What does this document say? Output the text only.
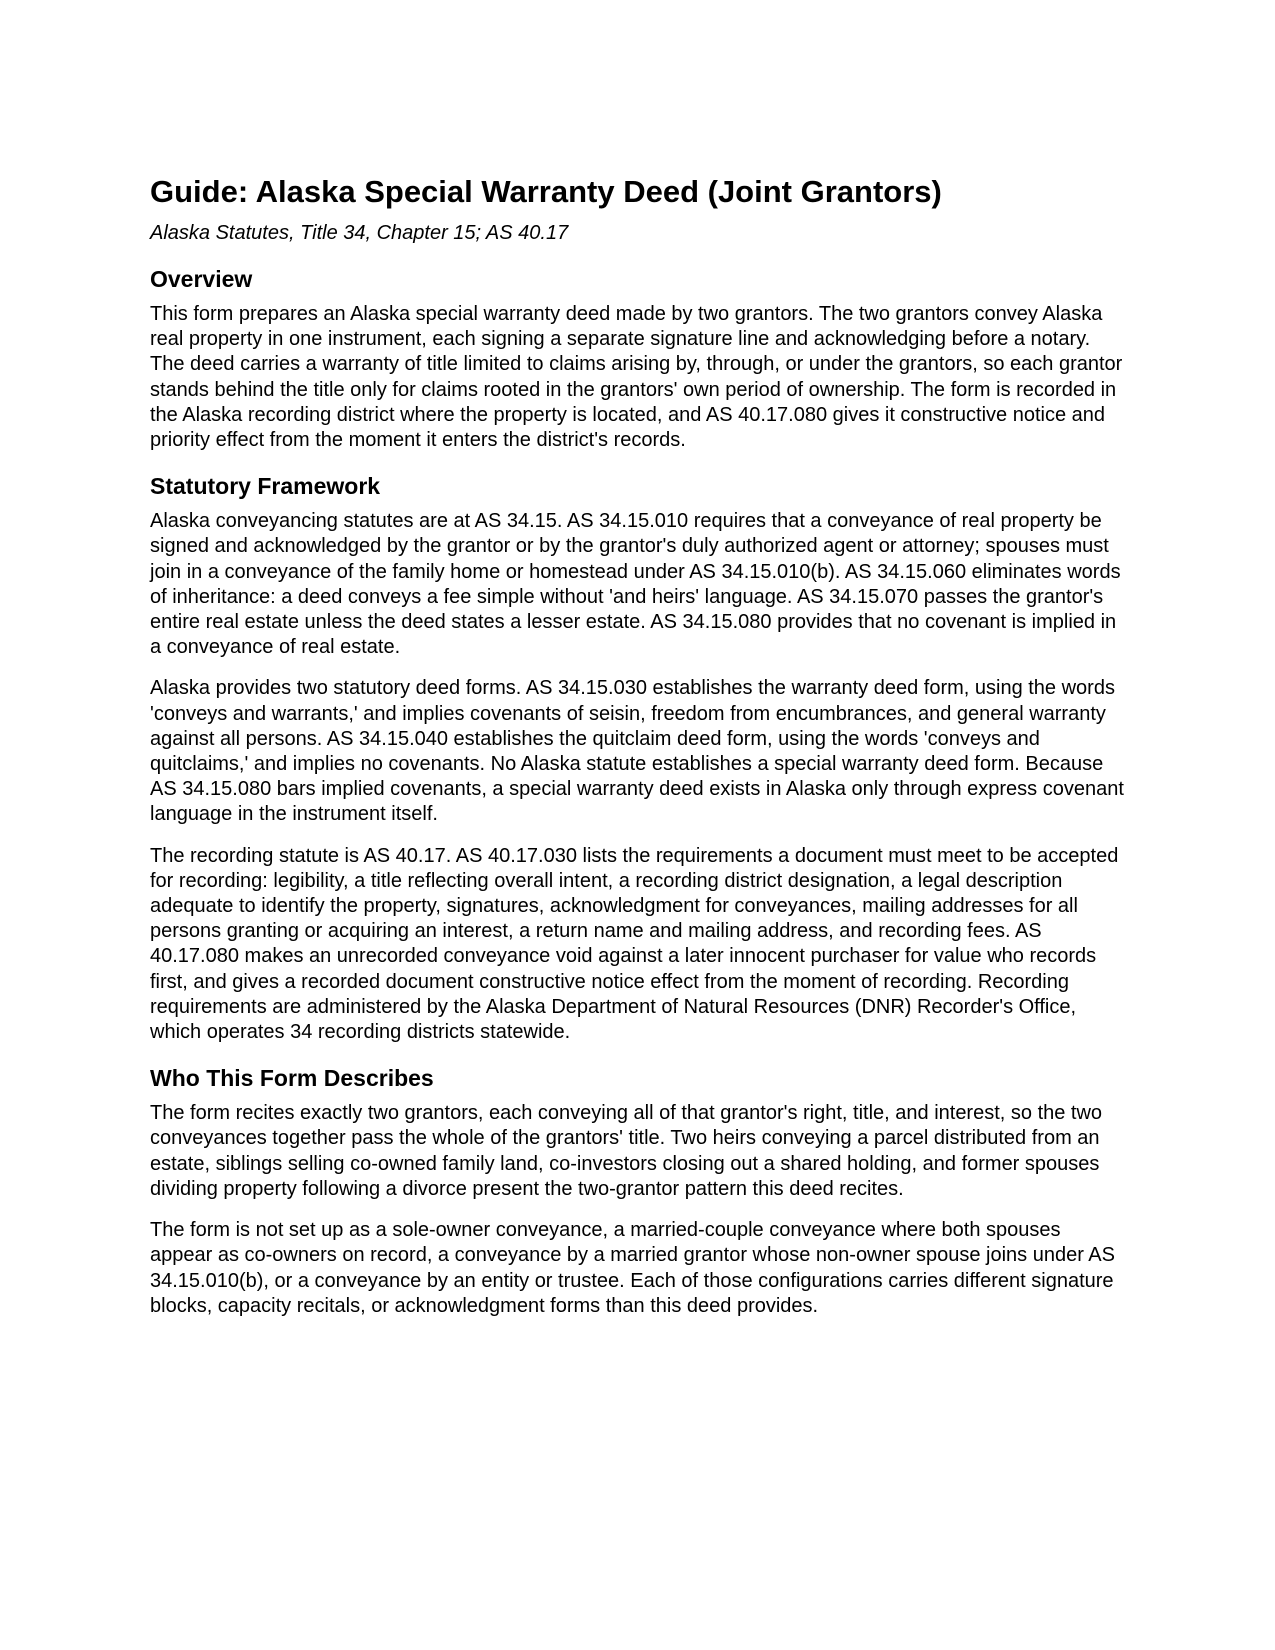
Guide: Alaska Special Warranty Deed (Joint Grantors)

Alaska Statutes, Title 34, Chapter 15; AS 40.17

Overview

This form prepares an Alaska special warranty deed made by two grantors. The two grantors convey Alaska real property in one instrument, each signing a separate signature line and acknowledging before a notary. The deed carries a warranty of title limited to claims arising by, through, or under the grantors, so each grantor stands behind the title only for claims rooted in the grantors' own period of ownership. The form is recorded in the Alaska recording district where the property is located, and AS 40.17.080 gives it constructive notice and priority effect from the moment it enters the district's records.

Statutory Framework

Alaska conveyancing statutes are at AS 34.15. AS 34.15.010 requires that a conveyance of real property be signed and acknowledged by the grantor or by the grantor's duly authorized agent or attorney; spouses must join in a conveyance of the family home or homestead under AS 34.15.010(b). AS 34.15.060 eliminates words of inheritance: a deed conveys a fee simple without 'and heirs' language. AS 34.15.070 passes the grantor's entire real estate unless the deed states a lesser estate. AS 34.15.080 provides that no covenant is implied in a conveyance of real estate.

Alaska provides two statutory deed forms. AS 34.15.030 establishes the warranty deed form, using the words 'conveys and warrants,' and implies covenants of seisin, freedom from encumbrances, and general warranty against all persons. AS 34.15.040 establishes the quitclaim deed form, using the words 'conveys and quitclaims,' and implies no covenants. No Alaska statute establishes a special warranty deed form. Because AS 34.15.080 bars implied covenants, a special warranty deed exists in Alaska only through express covenant language in the instrument itself.

The recording statute is AS 40.17. AS 40.17.030 lists the requirements a document must meet to be accepted for recording: legibility, a title reflecting overall intent, a recording district designation, a legal description adequate to identify the property, signatures, acknowledgment for conveyances, mailing addresses for all persons granting or acquiring an interest, a return name and mailing address, and recording fees. AS 40.17.080 makes an unrecorded conveyance void against a later innocent purchaser for value who records first, and gives a recorded document constructive notice effect from the moment of recording. Recording requirements are administered by the Alaska Department of Natural Resources (DNR) Recorder's Office, which operates 34 recording districts statewide.

Who This Form Describes

The form recites exactly two grantors, each conveying all of that grantor's right, title, and interest, so the two conveyances together pass the whole of the grantors' title. Two heirs conveying a parcel distributed from an estate, siblings selling co-owned family land, co-investors closing out a shared holding, and former spouses dividing property following a divorce present the two-grantor pattern this deed recites.

The form is not set up as a sole-owner conveyance, a married-couple conveyance where both spouses appear as co-owners on record, a conveyance by a married grantor whose non-owner spouse joins under AS 34.15.010(b), or a conveyance by an entity or trustee. Each of those configurations carries different signature blocks, capacity recitals, or acknowledgment forms than this deed provides.
